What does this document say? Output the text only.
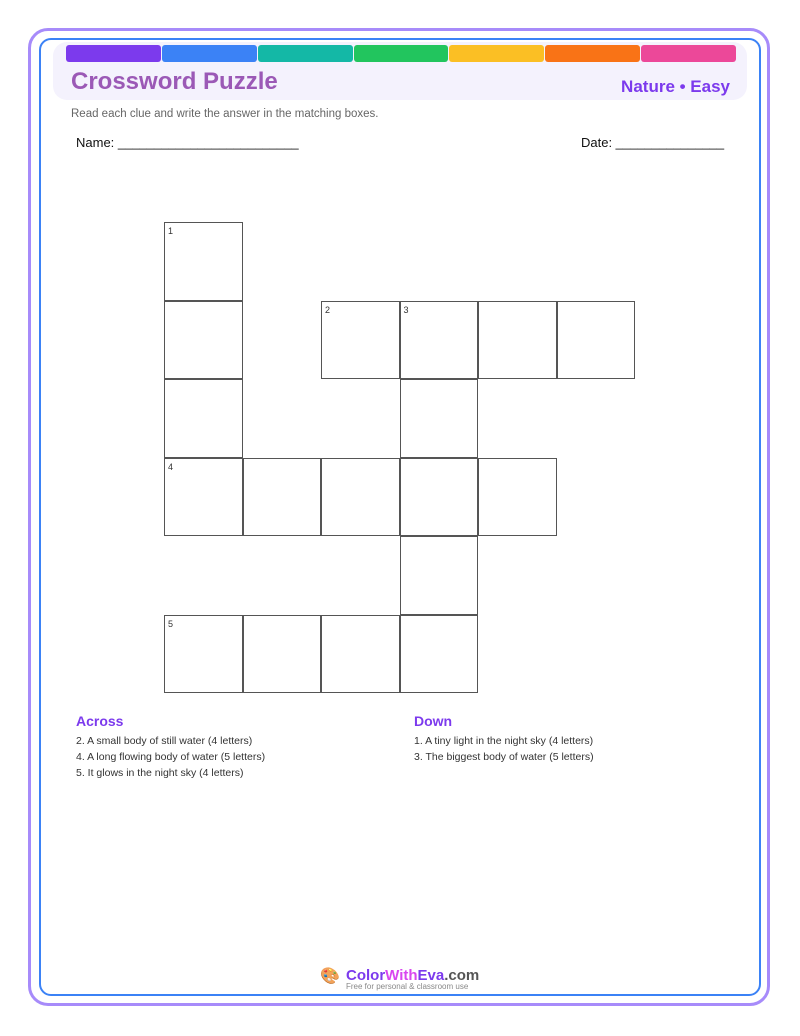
Crossword Puzzle	Nature • Easy
Read each clue and write the answer in the matching boxes.
Name: _________________________	Date: _______________
1
4
2	3
5
Across
2. A small body of still water (4 letters)
4. A long flowing body of water (5 letters)
5. It glows in the night sky (4 letters)
Down
1. A tiny light in the night sky (4 letters)
3. The biggest body of water (5 letters)
🎨 ColorWithEva.com
Free for personal & classroom use
